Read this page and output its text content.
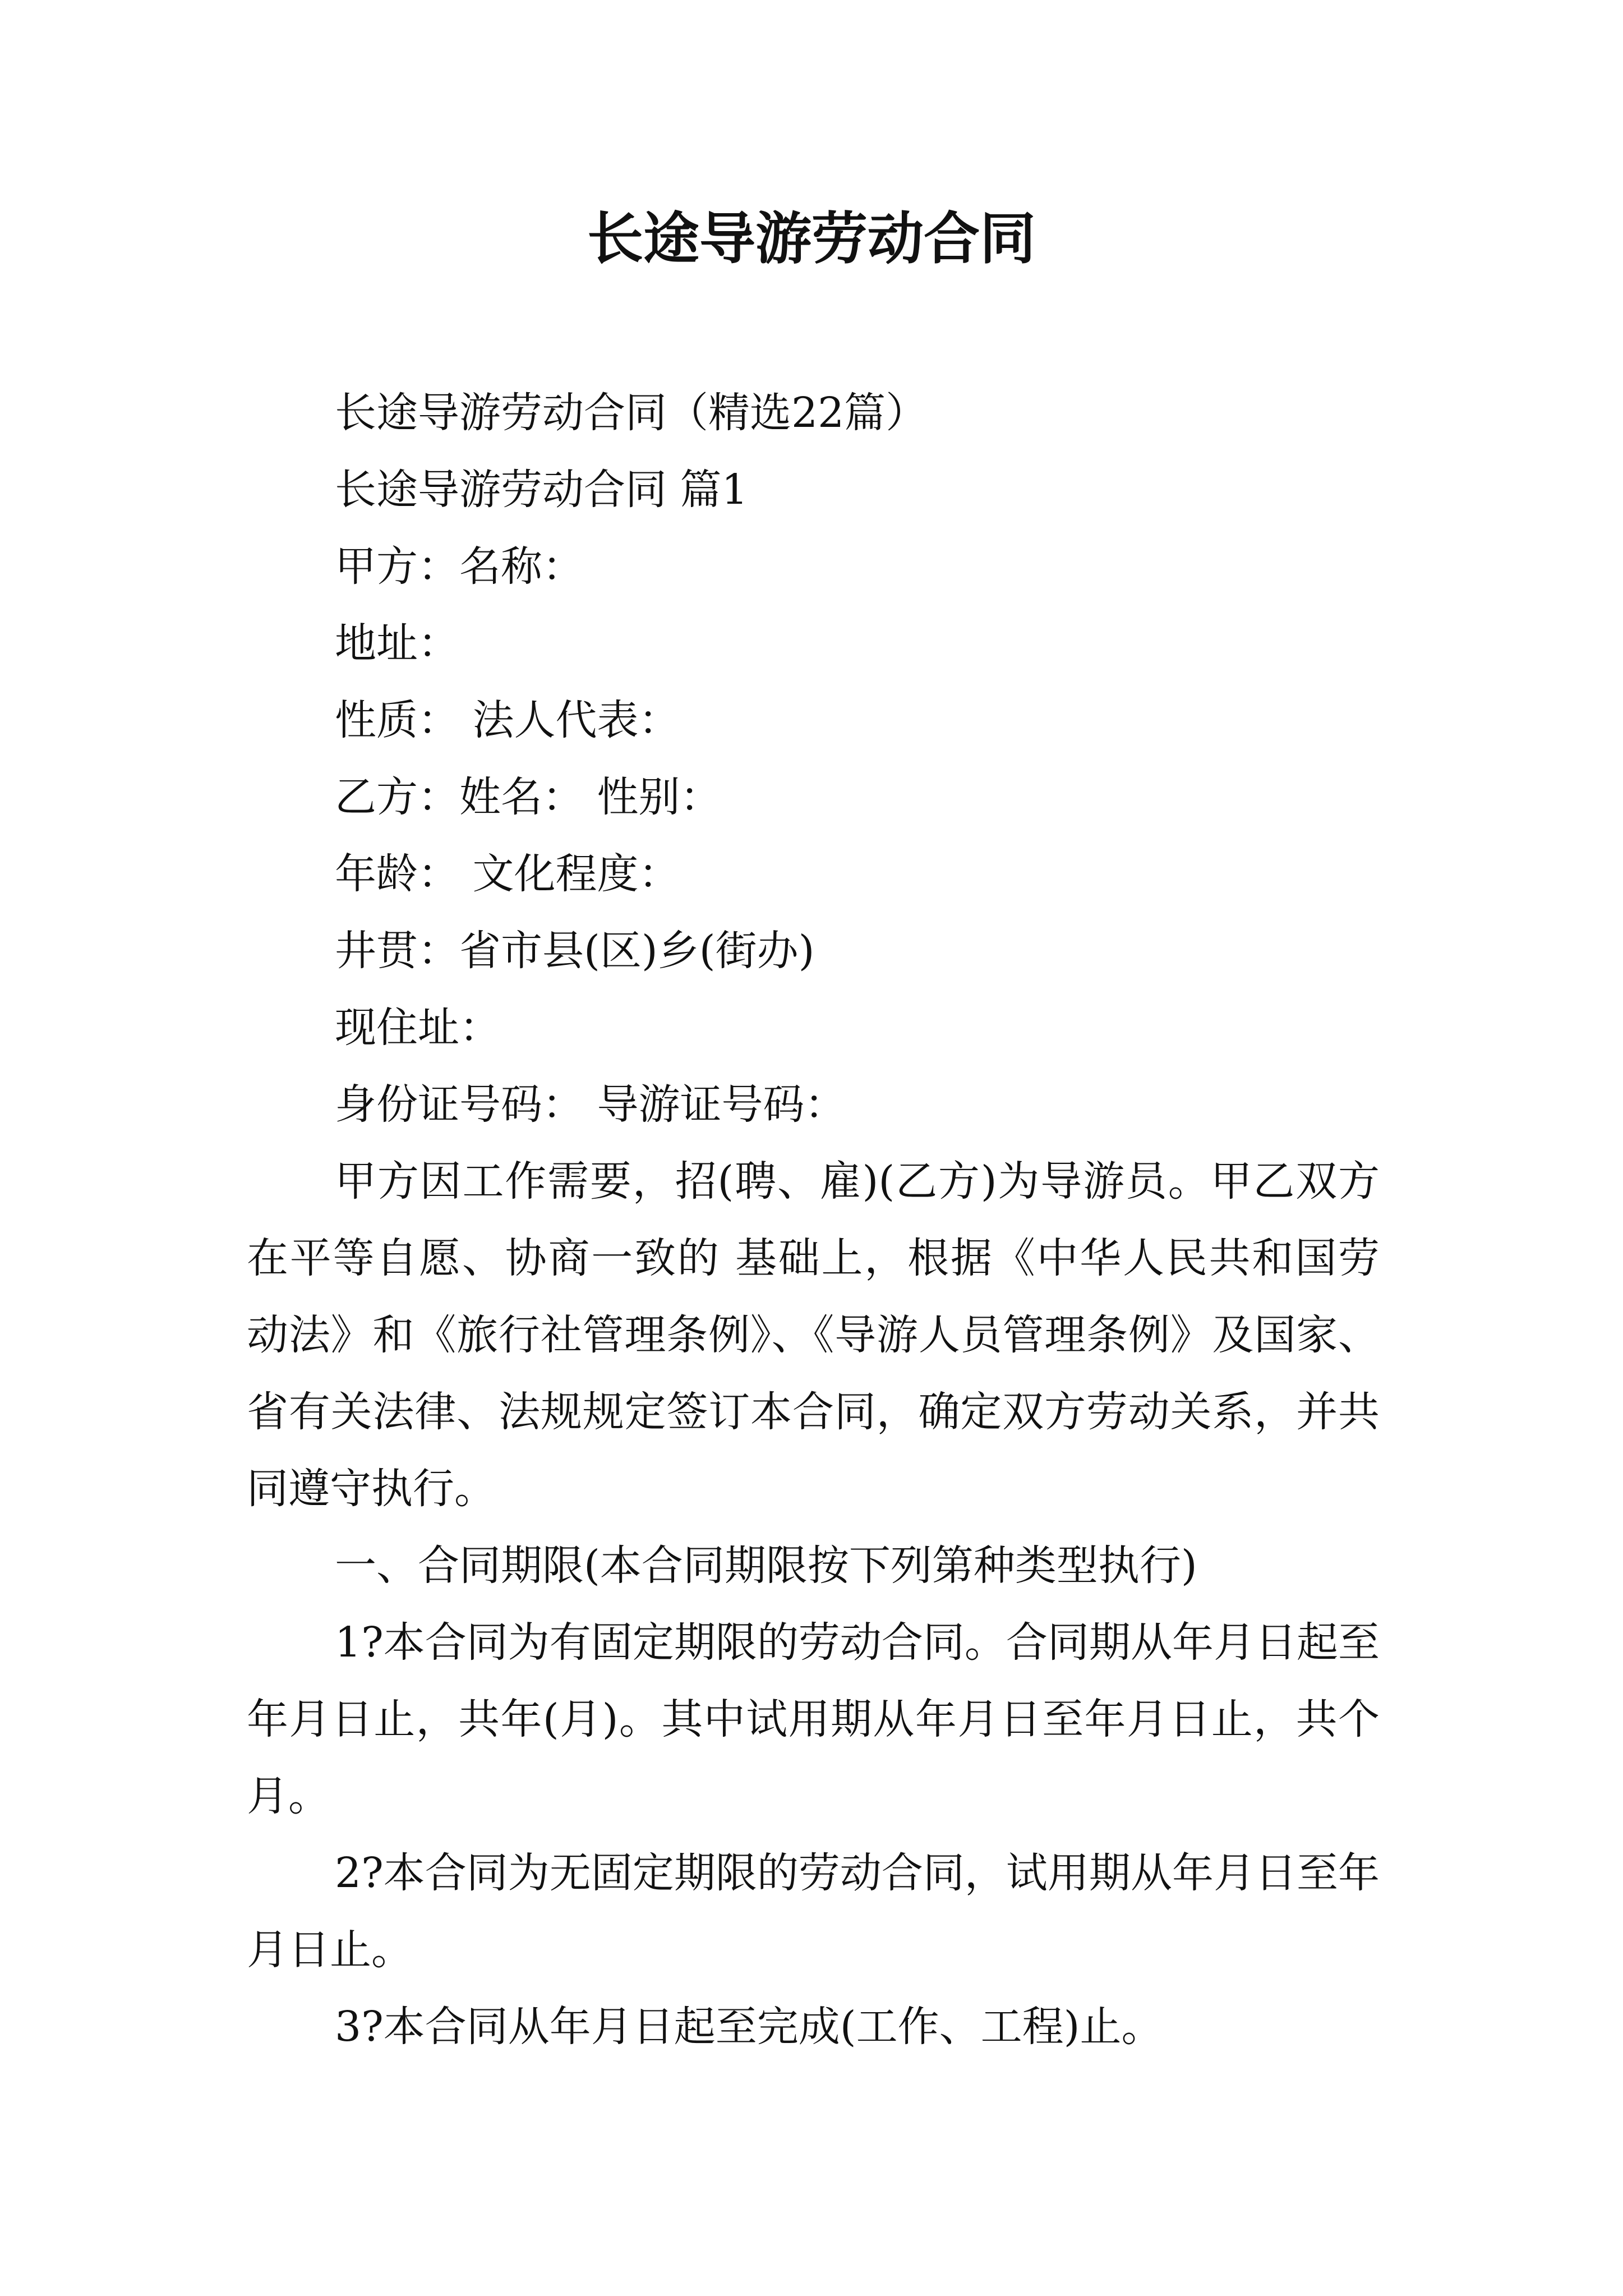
长途导游劳动合同

长途导游劳动合同（精选22篇）

长途导游劳动合同 篇1

甲方：名称：

地址：

性质： 法人代表：

乙方：姓名： 性别：

年龄： 文化程度：

井贯：省市县(区)乡(街办)

现住址：

身份证号码： 导游证号码：

甲方因工作需要，招(聘、雇)(乙方)为导游员。甲乙双方在平等自愿、协商一致的 基础上，根据《中华人民共和国劳动法》和《旅行社管理条例》、《导游人员管理条例》及国家、省有关法律、法规规定签订本合同，确定双方劳动关系，并共同遵守执行。

一、合同期限(本合同期限按下列第种类型执行)

1?本合同为有固定期限的劳动合同。合同期从年月日起至年月日止，共年(月)。其中试用期从年月日至年月日止，共个月。

2?本合同为无固定期限的劳动合同，试用期从年月日至年月日止。

3?本合同从年月日起至完成(工作、工程)止。
